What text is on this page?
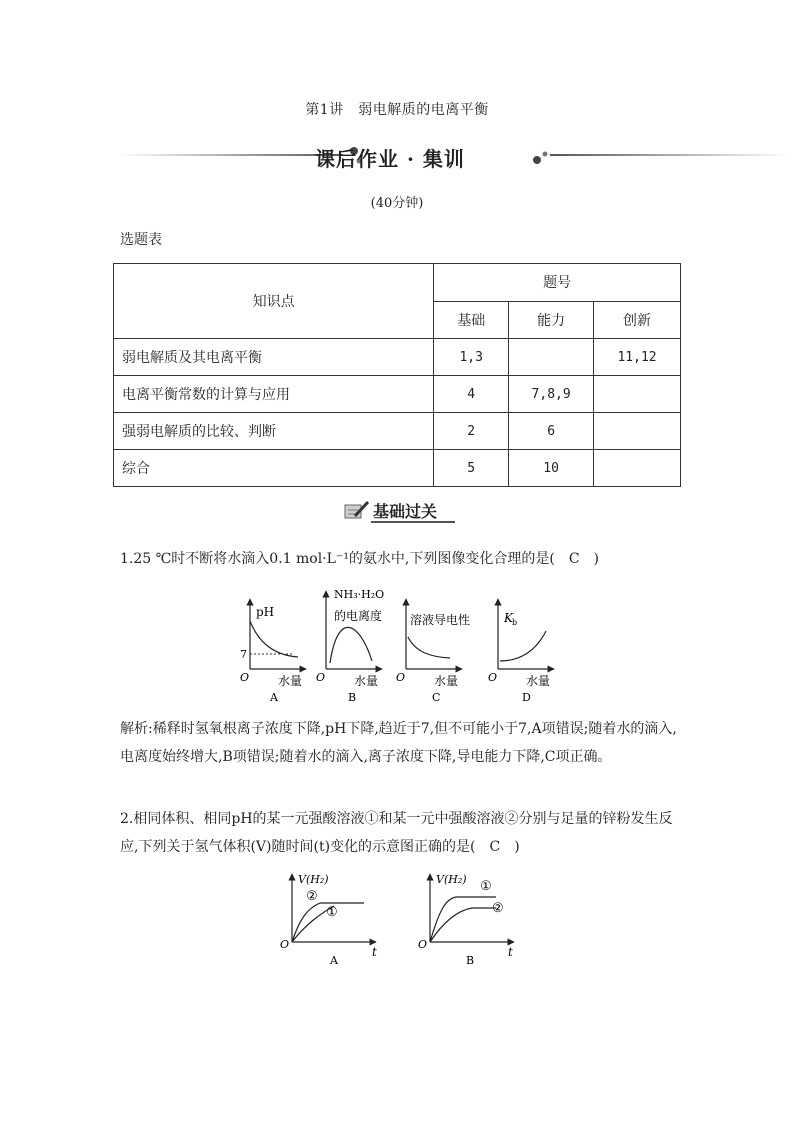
第1讲　弱电解质的电离平衡
课后作业 · 集训
(40分钟)
选题表
知识点	题号		
	基础	能力	创新
弱电解质及其电离平衡	1,3		11,12
电离平衡常数的计算与应用	4	7,8,9	
强弱电解质的比较、判断	2	6	
综合	5	10	
基础过关
1.25 ℃时不断将水滴入0.1 mol·L⁻¹的氨水中,下列图像变化合理的是(　C　)
pH
7
O 水量
A
NH₃·H₂O
的电离度
O 水量
B
溶液导电性
O 水量
C
K b
O 水量
D
解析:稀释时氢氧根离子浓度下降,pH下降,趋近于7,但不可能小于7,A项错误;随着水的滴入,电离度始终增大,B项错误;随着水的滴入,离子浓度下降,导电能力下降,C项正确。
2.相同体积、相同pH的某一元强酸溶液①和某一元中强酸溶液②分别与足量的锌粉发生反应,下列关于氢气体积(V)随时间(t)变化的示意图正确的是(　C　)
V(H₂)
②
①
O
t
A
V(H₂) ①
②
O
t
B
